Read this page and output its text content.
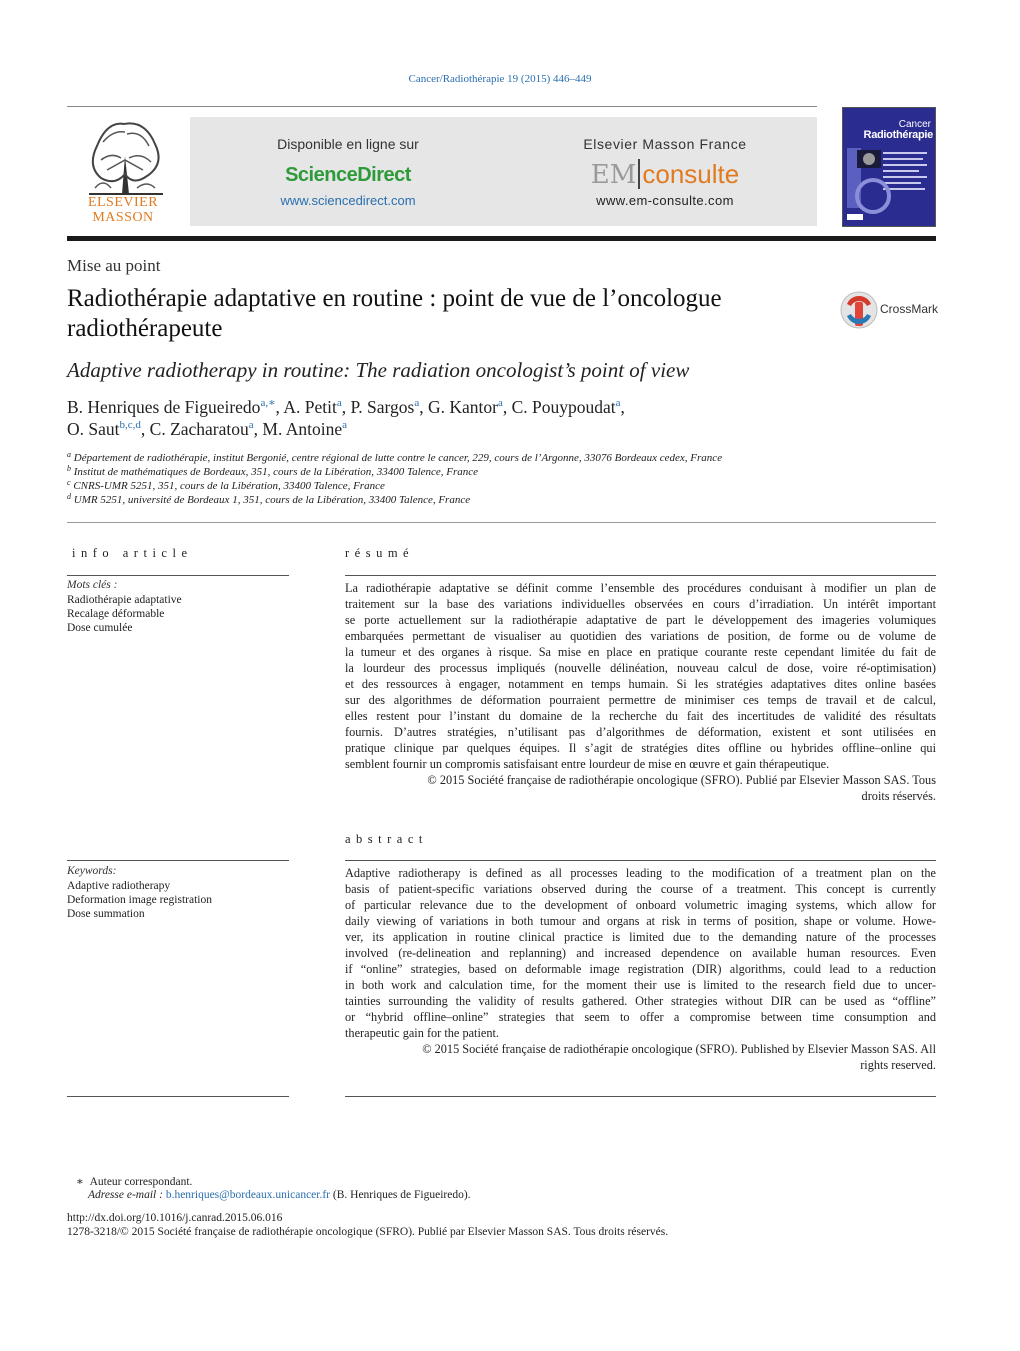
Cancer/Radiothérapie 19 (2015) 446–449
ELSEVIER
MASSON
Disponible en ligne sur
ScienceDirect
www.sciencedirect.com
Elsevier Masson France
EM consulte
www.em-consulte.com
Cancer
Radiothérapie
Mise au point
Radiothérapie adaptative en routine : point de vue de l’oncologue
radiothérapeute
CrossMark
Adaptive radiotherapy in routine: The radiation oncologist’s point of view
B. Henriques de Figueiredo$^{a,∗}$, A. Petit$^a$, P. Sargos$^a$, G. Kantor$^a$, C. Pouypoudat$^a$,
O. Saut$^{b,c,d}$, C. Zacharatou$^a$, M. Antoine$^a$
$^a$ Département de radiothérapie, institut Bergonié, centre régional de lutte contre le cancer, 229, cours de l’Argonne, 33076 Bordeaux cedex, France
$^b$ Institut de mathématiques de Bordeaux, 351, cours de la Libération, 33400 Talence, France
$^c$ CNRS-UMR 5251, 351, cours de la Libération, 33400 Talence, France
$^d$ UMR 5251, université de Bordeaux 1, 351, cours de la Libération, 33400 Talence, France
info article
Mots clés :
Radiothérapie adaptative
Recalage déformable
Dose cumulée
Keywords:
Adaptive radiotherapy
Deformation image registration
Dose summation
résumé
La radiothérapie adaptative se définit comme l’ensemble des procédures conduisant à modifier un plan de
traitement sur la base des variations individuelles observées en cours d’irradiation. Un intérêt important
se porte actuellement sur la radiothérapie adaptative de part le développement des imageries volumiques
embarquées permettant de visualiser au quotidien des variations de position, de forme ou de volume de
la tumeur et des organes à risque. Sa mise en place en pratique courante reste cependant limitée du fait de
la lourdeur des processus impliqués (nouvelle délinéation, nouveau calcul de dose, voire ré-optimisation)
et des ressources à engager, notamment en temps humain. Si les stratégies adaptatives dites online basées
sur des algorithmes de déformation pourraient permettre de minimiser ces temps de travail et de calcul,
elles restent pour l’instant du domaine de la recherche du fait des incertitudes de validité des résultats
fournis. D’autres stratégies, n’utilisant pas d’algorithmes de déformation, existent et sont utilisées en
pratique clinique par quelques équipes. Il s’agit de stratégies dites offline ou hybrides offline–online qui
semblent fournir un compromis satisfaisant entre lourdeur de mise en œuvre et gain thérapeutique.
© 2015 Société française de radiothérapie oncologique (SFRO). Publié par Elsevier Masson SAS. Tous
droits réservés.
abstract
Adaptive radiotherapy is defined as all processes leading to the modification of a treatment plan on the
basis of patient-specific variations observed during the course of a treatment. This concept is currently
of particular relevance due to the development of onboard volumetric imaging systems, which allow for
daily viewing of variations in both tumour and organs at risk in terms of position, shape or volume. Howe-
ver, its application in routine clinical practice is limited due to the demanding nature of the processes
involved (re-delineation and replanning) and increased dependence on available human resources. Even
if “online” strategies, based on deformable image registration (DIR) algorithms, could lead to a reduction
in both work and calculation time, for the moment their use is limited to the research field due to uncer-
tainties surrounding the validity of results gathered. Other strategies without DIR can be used as “offline”
or “hybrid offline–online” strategies that seem to offer a compromise between time consumption and
therapeutic gain for the patient.
© 2015 Société française de radiothérapie oncologique (SFRO). Published by Elsevier Masson SAS. All
rights reserved.
∗ Auteur correspondant.
Adresse e-mail : b.henriques@bordeaux.unicancer.fr (B. Henriques de Figueiredo).
http://dx.doi.org/10.1016/j.canrad.2015.06.016
1278-3218/© 2015 Société française de radiothérapie oncologique (SFRO). Publié par Elsevier Masson SAS. Tous droits réservés.
